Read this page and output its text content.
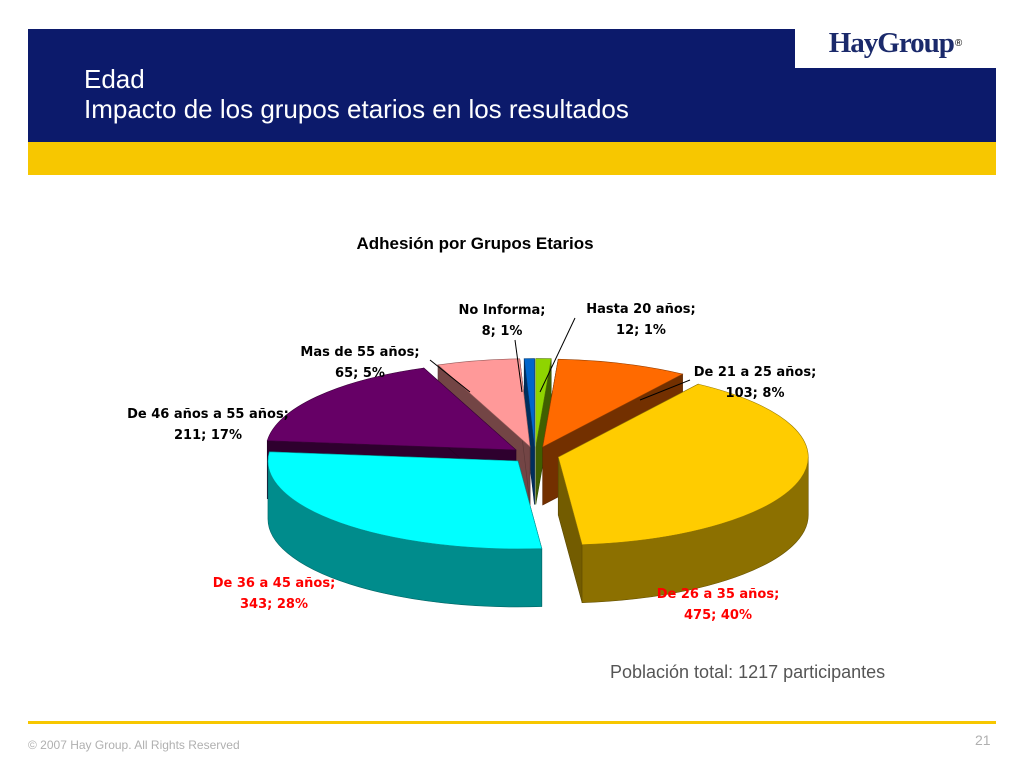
HayGroup ®
Edad
Impacto de los grupos etarios en los resultados
Adhesión por Grupos Etarios
Hasta 20 años; 12; 1%
De 21 a 25 años; 103; 8%
De 26 a 35 años; 475; 40%
De 36 a 45 años; 343; 28%
De 46 años a 55 años; 211; 17%
Mas de 55 años; 65; 5%
No Informa; 8; 1%
Población total: 1217 participantes
© 2007 Hay Group. All Rights Reserved	21
